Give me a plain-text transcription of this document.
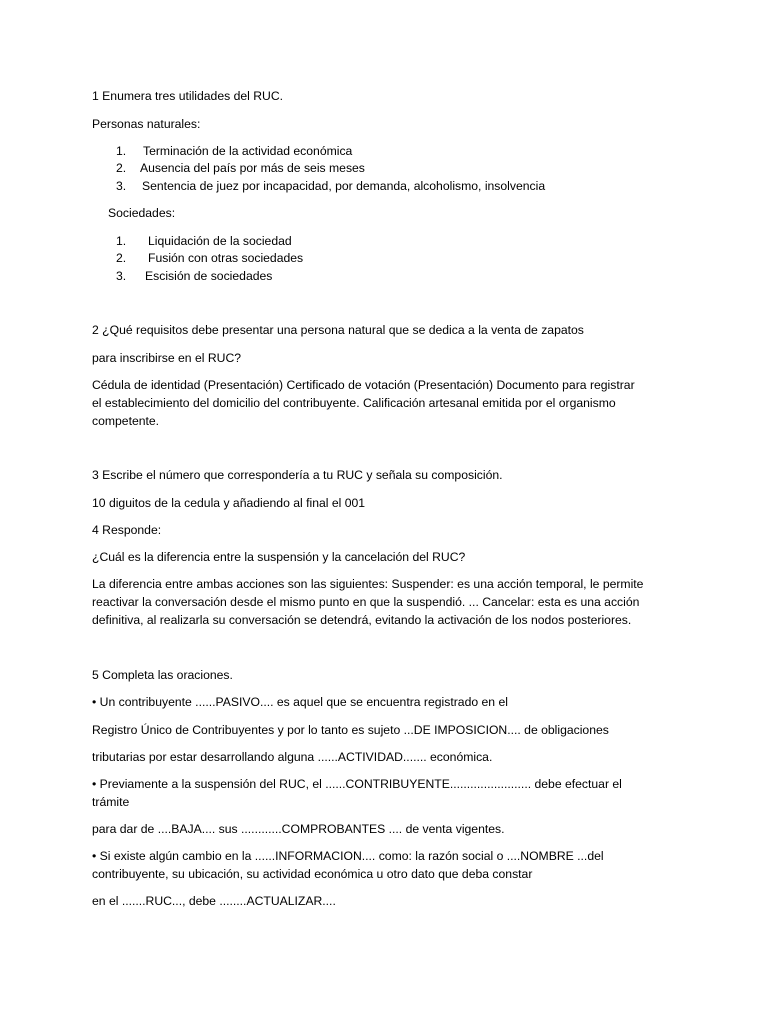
1 Enumera tres utilidades del RUC.
Personas naturales:
1. Terminación de la actividad económica
2. Ausencia del país por más de seis meses
3. Sentencia de juez por incapacidad, por demanda, alcoholismo, insolvencia
Sociedades:
1. Liquidación de la sociedad
2. Fusión con otras sociedades
3. Escisión de sociedades
2 ¿Qué requisitos debe presentar una persona natural que se dedica a la venta de zapatos
para inscribirse en el RUC?
Cédula de identidad (Presentación) Certificado de votación (Presentación) Documento para registrar
el establecimiento del domicilio del contribuyente. Calificación artesanal emitida por el organismo
competente.
3 Escribe el número que correspondería a tu RUC y señala su composición.
10 diguitos de la cedula y añadiendo al final el 001
4 Responde:
¿Cuál es la diferencia entre la suspensión y la cancelación del RUC?
La diferencia entre ambas acciones son las siguientes: Suspender: es una acción temporal, le permite
reactivar la conversación desde el mismo punto en que la suspendió. ... Cancelar: esta es una acción
definitiva, al realizarla su conversación se detendrá, evitando la activación de los nodos posteriores.
5 Completa las oraciones.
• Un contribuyente ......PASIVO.... es aquel que se encuentra registrado en el
Registro Único de Contribuyentes y por lo tanto es sujeto ...DE IMPOSICION.... de obligaciones
tributarias por estar desarrollando alguna ......ACTIVIDAD....... económica.
• Previamente a la suspensión del RUC, el ......CONTRIBUYENTE........................ debe efectuar el
trámite
para dar de ....BAJA.... sus ............COMPROBANTES .... de venta vigentes.
• Si existe algún cambio en la ......INFORMACION.... como: la razón social o ....NOMBRE ...del
contribuyente, su ubicación, su actividad económica u otro dato que deba constar
en el .......RUC..., debe ........ACTUALIZAR....
